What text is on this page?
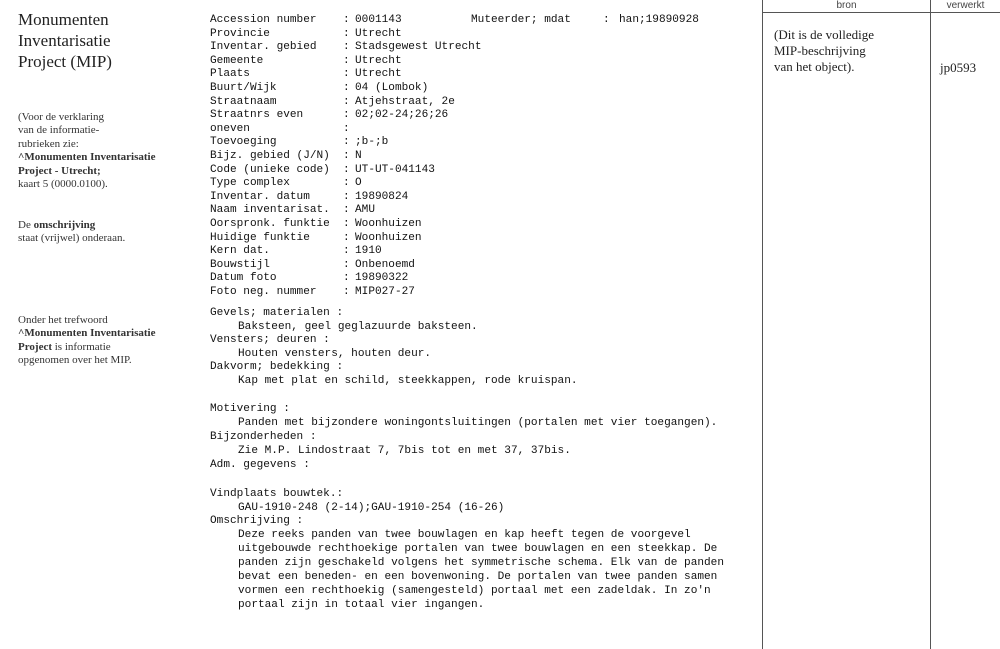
Monumenten
Inventarisatie
Project (MIP)
(Voor de verklaring
van de informatie-
rubrieken zie:
^Monumenten Inventarisatie
Project - Utrecht;
kaart 5 (0000.0100).
De omschrijving
staat (vrijwel) onderaan.
Onder het trefwoord
^Monumenten Inventarisatie
Project is informatie
opgenomen over het MIP.
Muteerder; mdat	: han;19890928
Accession number : 0001143
Provincie	: Utrecht
Inventar. gebied : Stadsgewest Utrecht
Gemeente	: Utrecht
Plaats	: Utrecht
Buurt/Wijk	: 04 (Lombok)
Straatnaam	: Atjehstraat, 2e
Straatnrs even	: 02;02-24;26;26
oneven	:
Toevoeging	: ;b-;b
Bijz. gebied (J/N) : N
Code (unieke code) : UT-UT-041143
Type complex	: O
Inventar. datum	: 19890824
Naam inventarisat. : AMU
Oorspronk. funktie : Woonhuizen
Huidige funktie	: Woonhuizen
Kern dat.	: 1910
Bouwstijl	: Onbenoemd
Datum foto	: 19890322
Foto neg. nummer : MIP027-27
Gevels; materialen :
Baksteen, geel geglazuurde baksteen.
Vensters; deuren :
Houten vensters, houten deur.
Dakvorm; bedekking :
Kap met plat en schild, steekkappen, rode kruispan.
Motivering :
Panden met bijzondere woningontsluitingen (portalen met vier toegangen).
Bijzonderheden :
Zie M.P. Lindostraat 7, 7bis tot en met 37, 37bis.
Adm. gegevens :
Vindplaats bouwtek.:
GAU-1910-248 (2-14);GAU-1910-254 (16-26)
Omschrijving :
Deze reeks panden van twee bouwlagen en kap heeft tegen de voorgevel
uitgebouwde rechthoekige portalen van twee bouwlagen en een steekkap. De
panden zijn geschakeld volgens het symmetrische schema. Elk van de panden
bevat een beneden- en een bovenwoning. De portalen van twee panden samen
vormen een rechthoekig (samengesteld) portaal met een zadeldak. In zo'n
portaal zijn in totaal vier ingangen.
bron	verwerkt
(Dit is de volledige
MIP-beschrijving
van het object).	jp0593
